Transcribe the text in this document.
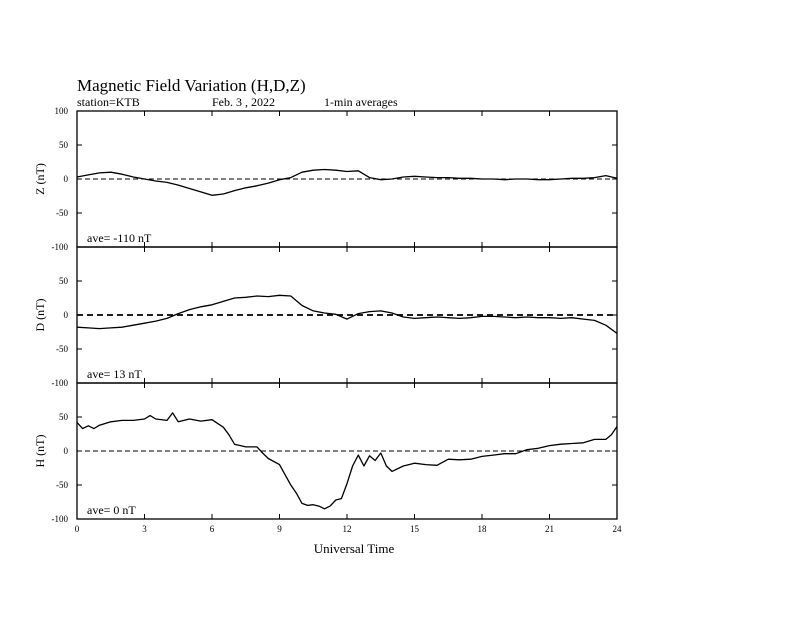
Magnetic Field Variation (H,D,Z)
station=KTB	Feb. 3 , 2022	1-min averages
100
50
0
-50
-100
Z (nT)
ave= -110 nT
50
0
-50
-100
D (nT)
ave= 13 nT
50
0
-50
-100
H (nT)
ave= 0 nT
0	3	6	9	12	15	18	21	24
Universal Time
